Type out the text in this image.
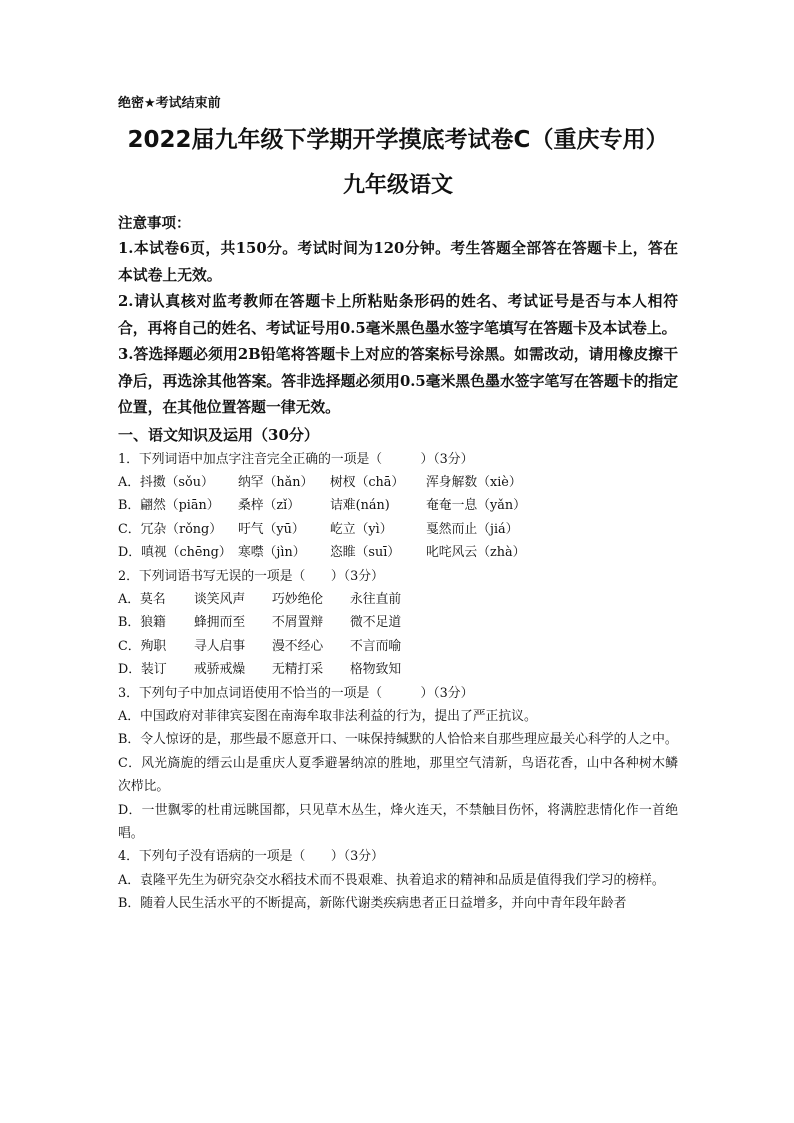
绝密★考试结束前
2022届九年级下学期开学摸底考试卷C（重庆专用）
九年级语文
注意事项：
1.本试卷6页，共150分。考试时间为120分钟。考生答题全部答在答题卡上，答在本试卷上无效。
2.请认真核对监考教师在答题卡上所粘贴条形码的姓名、考试证号是否与本人相符合，再将自己的姓名、考试证号用0.5毫米黑色墨水签字笔填写在答题卡及本试卷上。
3.答选择题必须用2B铅笔将答题卡上对应的答案标号涂黑。如需改动，请用橡皮擦干净后，再选涂其他答案。答非选择题必须用0.5毫米黑色墨水签字笔写在答题卡的指定位置，在其他位置答题一律无效。
一、语文知识及运用（30分）
1．下列词语中加点字注音完全正确的一项是（　　　）（3分）
A．抖擞（sǒu） 纳罕（hǎn） 树杈（chā） 浑身解数（xiè）
B．翩然（piān） 桑梓（zǐ） 诘难(nán)	奄奄一息（yǎn）
C．冗杂（rǒng） 吁气（yū） 屹立（yì）	戛然而止（jiá）
D．嗔视（chēng） 寒噤（jìn） 恣睢（suī） 叱咤风云（zhà）
2．下列词语书写无误的一项是（　　）（3分）
A．莫名 谈笑风声 巧妙绝伦 永往直前
B．狼籍 蜂拥而至 不屑置辩 微不足道
C．殉职 寻人启事 漫不经心 不言而喻
D．装订 戒骄戒燥 无精打采 格物致知
3．下列句子中加点词语使用不恰当的一项是（　　　）（3分）
A．中国政府对菲律宾妄图在南海牟取非法利益的行为，提出了严正抗议。
B．令人惊讶的是，那些最不愿意开口、一味保持缄默的人恰恰来自那些理应最关心科学的人之中。
C．风光旖旎的缙云山是重庆人夏季避暑纳凉的胜地，那里空气清新，鸟语花香，山中各种树木鳞次栉比。
D．一世飘零的杜甫远眺国都，只见草木丛生，烽火连天，不禁触目伤怀，将满腔悲情化作一首绝唱。
4．下列句子没有语病的一项是（　　）（3分）
A．袁隆平先生为研究杂交水稻技术而不畏艰难、执着追求的精神和品质是值得我们学习的榜样。
B．随着人民生活水平的不断提高，新陈代谢类疾病患者正日益增多，并向中青年段年龄者
